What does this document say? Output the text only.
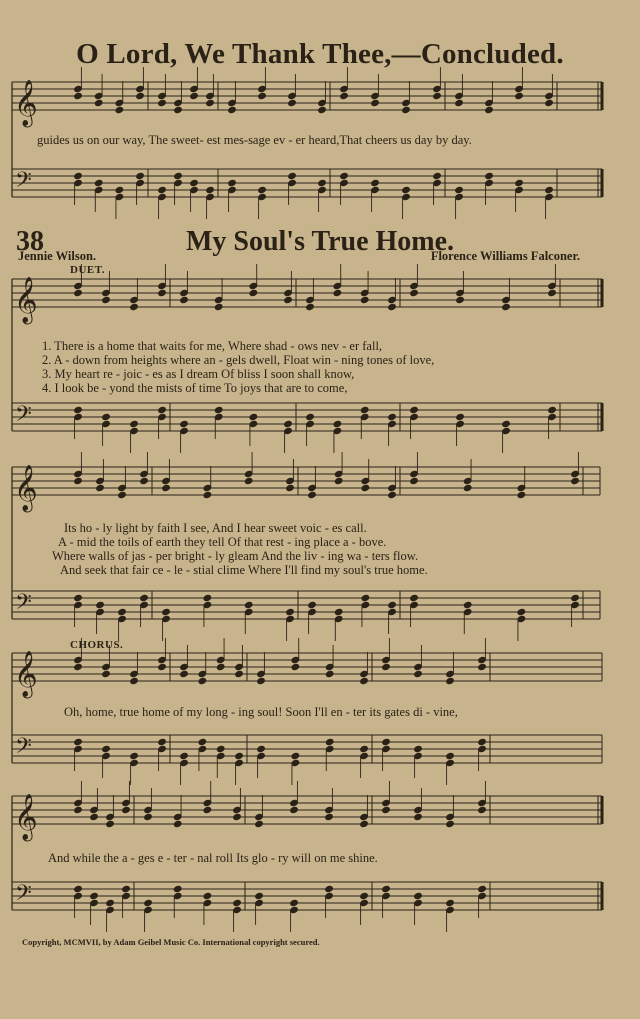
𝄞
𝄢
𝄞
𝄢
𝄞
𝄢
𝄞
𝄢
𝄞
𝄢
O Lord, We Thank Thee,—Concluded.
guides us on our way, The sweet- est mes-sage ev - er heard,That cheers us day by day.
38	My Soul's True Home.
Jennie Wilson.	Florence Williams Falconer.
DUET.
1. There is a home that waits for me, Where shad - ows nev - er fall,
2. A - down from heights where an - gels dwell, Float win - ning tones of love,
3. My heart re - joic - es as I dream Of bliss I soon shall know,
4. I look be - yond the mists of time To joys that are to come,
Its ho - ly light by faith I see, And I hear sweet voic - es call.
A - mid the toils of earth they tell Of that rest - ing place a - bove.
Where walls of jas - per bright - ly gleam And the liv - ing wa - ters flow.
And seek that fair ce - le - stial clime Where I'll find my soul's true home.
CHORUS.
Oh, home, true home of my long - ing soul! Soon I'll en - ter its gates di - vine,
And while the a - ges e - ter - nal roll Its glo - ry will on me shine.
Copyright, MCMVII, by Adam Geibel Music Co. International copyright secured.
